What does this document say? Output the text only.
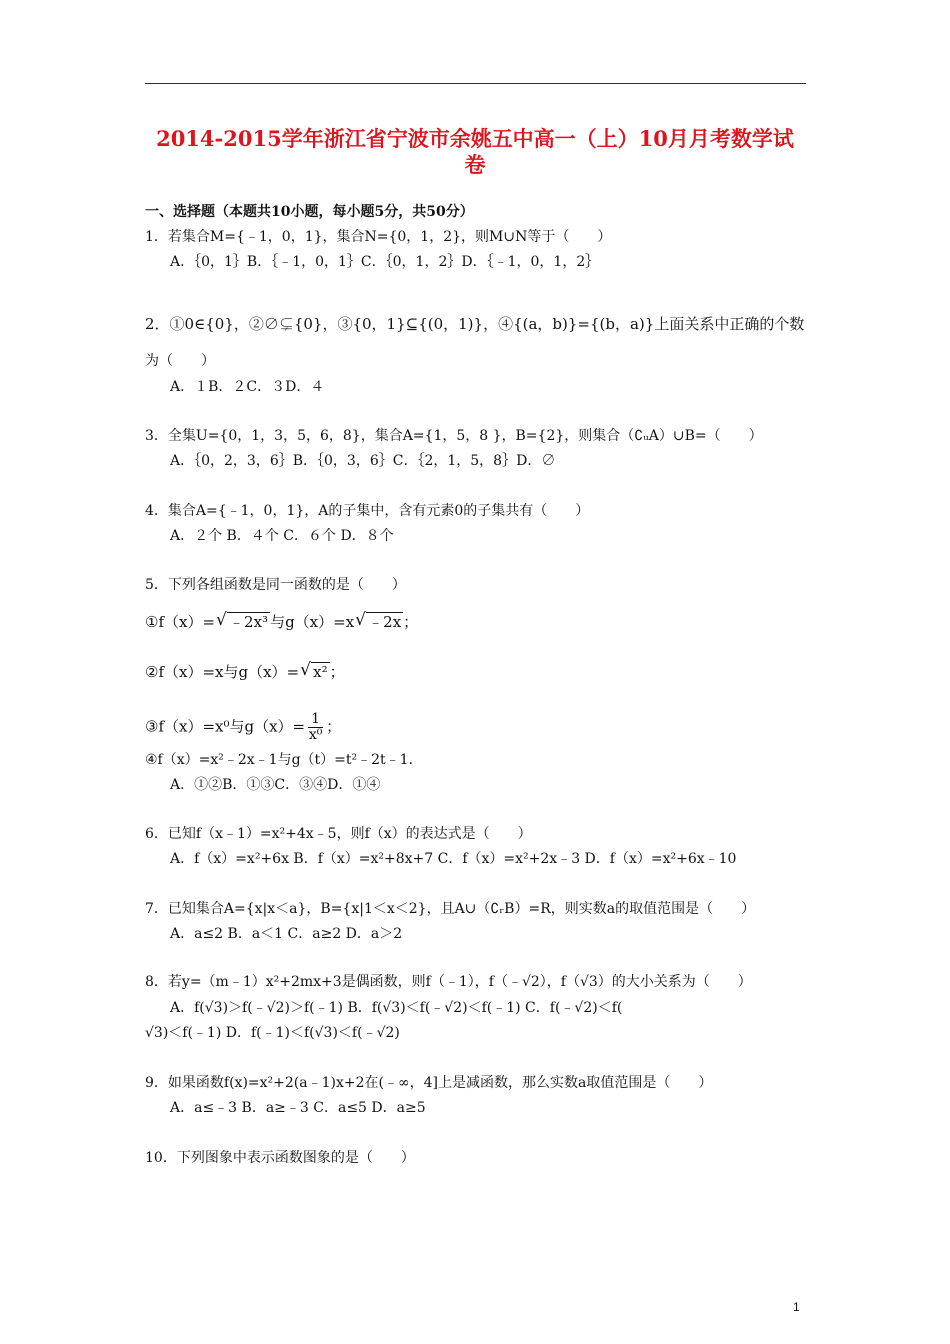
2014-2015学年浙江省宁波市余姚五中高一（上）10月月考数学试
卷
一、选择题（本题共10小题，每小题5分，共50分）
1．若集合M={﹣1，0，1}，集合N={0，1，2}，则M∪N等于（　　）
A．｛0，1｝B．｛﹣1，0，1｝C．｛0，1，2｝D．｛﹣1，0，1，2｝
2．①0∈{0}，②∅⊊{0}，③{0，1}⊆{(0，1)}，④{(a，b)}={(b，a)}上面关系中正确的个数
为（　　）
A．１B．２C．３D．４
3．全集U={0，1，3，5，6，8}，集合A={1，5，8 }，B={2}，则集合（∁ᵤA）∪B=（　　）
A．｛0，2，3，6｝B．｛0，3，6｝C．｛2，1，5，8｝D．∅
4．集合A={﹣1，0，1}，A的子集中，含有元素0的子集共有（　　）
A．２个 B．４个 C．６个 D．８个
5．下列各组函数是同一函数的是（　　）
①f（x）= √ ﹣2x³ 与g（x）=x √ ﹣2x ；
②f（x）=x与g（x）= √ x² ；
③f（x）=x⁰与$g(x)= \frac{1}{\text{x⁰}}$ ；
④f（x）=x²﹣2x﹣1与g（t）=t²﹣2t﹣1．
A．①②B．①③C．③④D．①④
6．已知f（x﹣1）=x²+4x﹣5，则f（x）的表达式是（　　）
A．f（x）=x²+6x B．f（x）=x²+8x+7 C．f（x）=x²+2x﹣3 D．f（x）=x²+6x﹣10
7．已知集合A={x|x＜a}，B={x|1＜x＜2}，且A∪（∁ᵣB）=R，则实数a的取值范围是（　　）
A．a≤2 B．a＜1 C．a≥2 D．a＞2
8．若y=（m﹣1）x²+2mx+3是偶函数，则f（﹣1），f（﹣√2），f（√3）的大小关系为（　　）
A．f(√3)＞f(﹣√2)＞f(﹣1) B．f(√3)＜f(﹣√2)＜f(﹣1) C．f(﹣√2)＜f(
√3)＜f(﹣1) D．f(﹣1)＜f(√3)＜f(﹣√2)
9．如果函数f(x)=x²+2(a﹣1)x+2在(﹣∞，4]上是减函数，那么实数a取值范围是（　　）
A．a≤﹣3 B．a≥﹣3 C．a≤5 D．a≥5
10．下列图象中表示函数图象的是（　　）
1
